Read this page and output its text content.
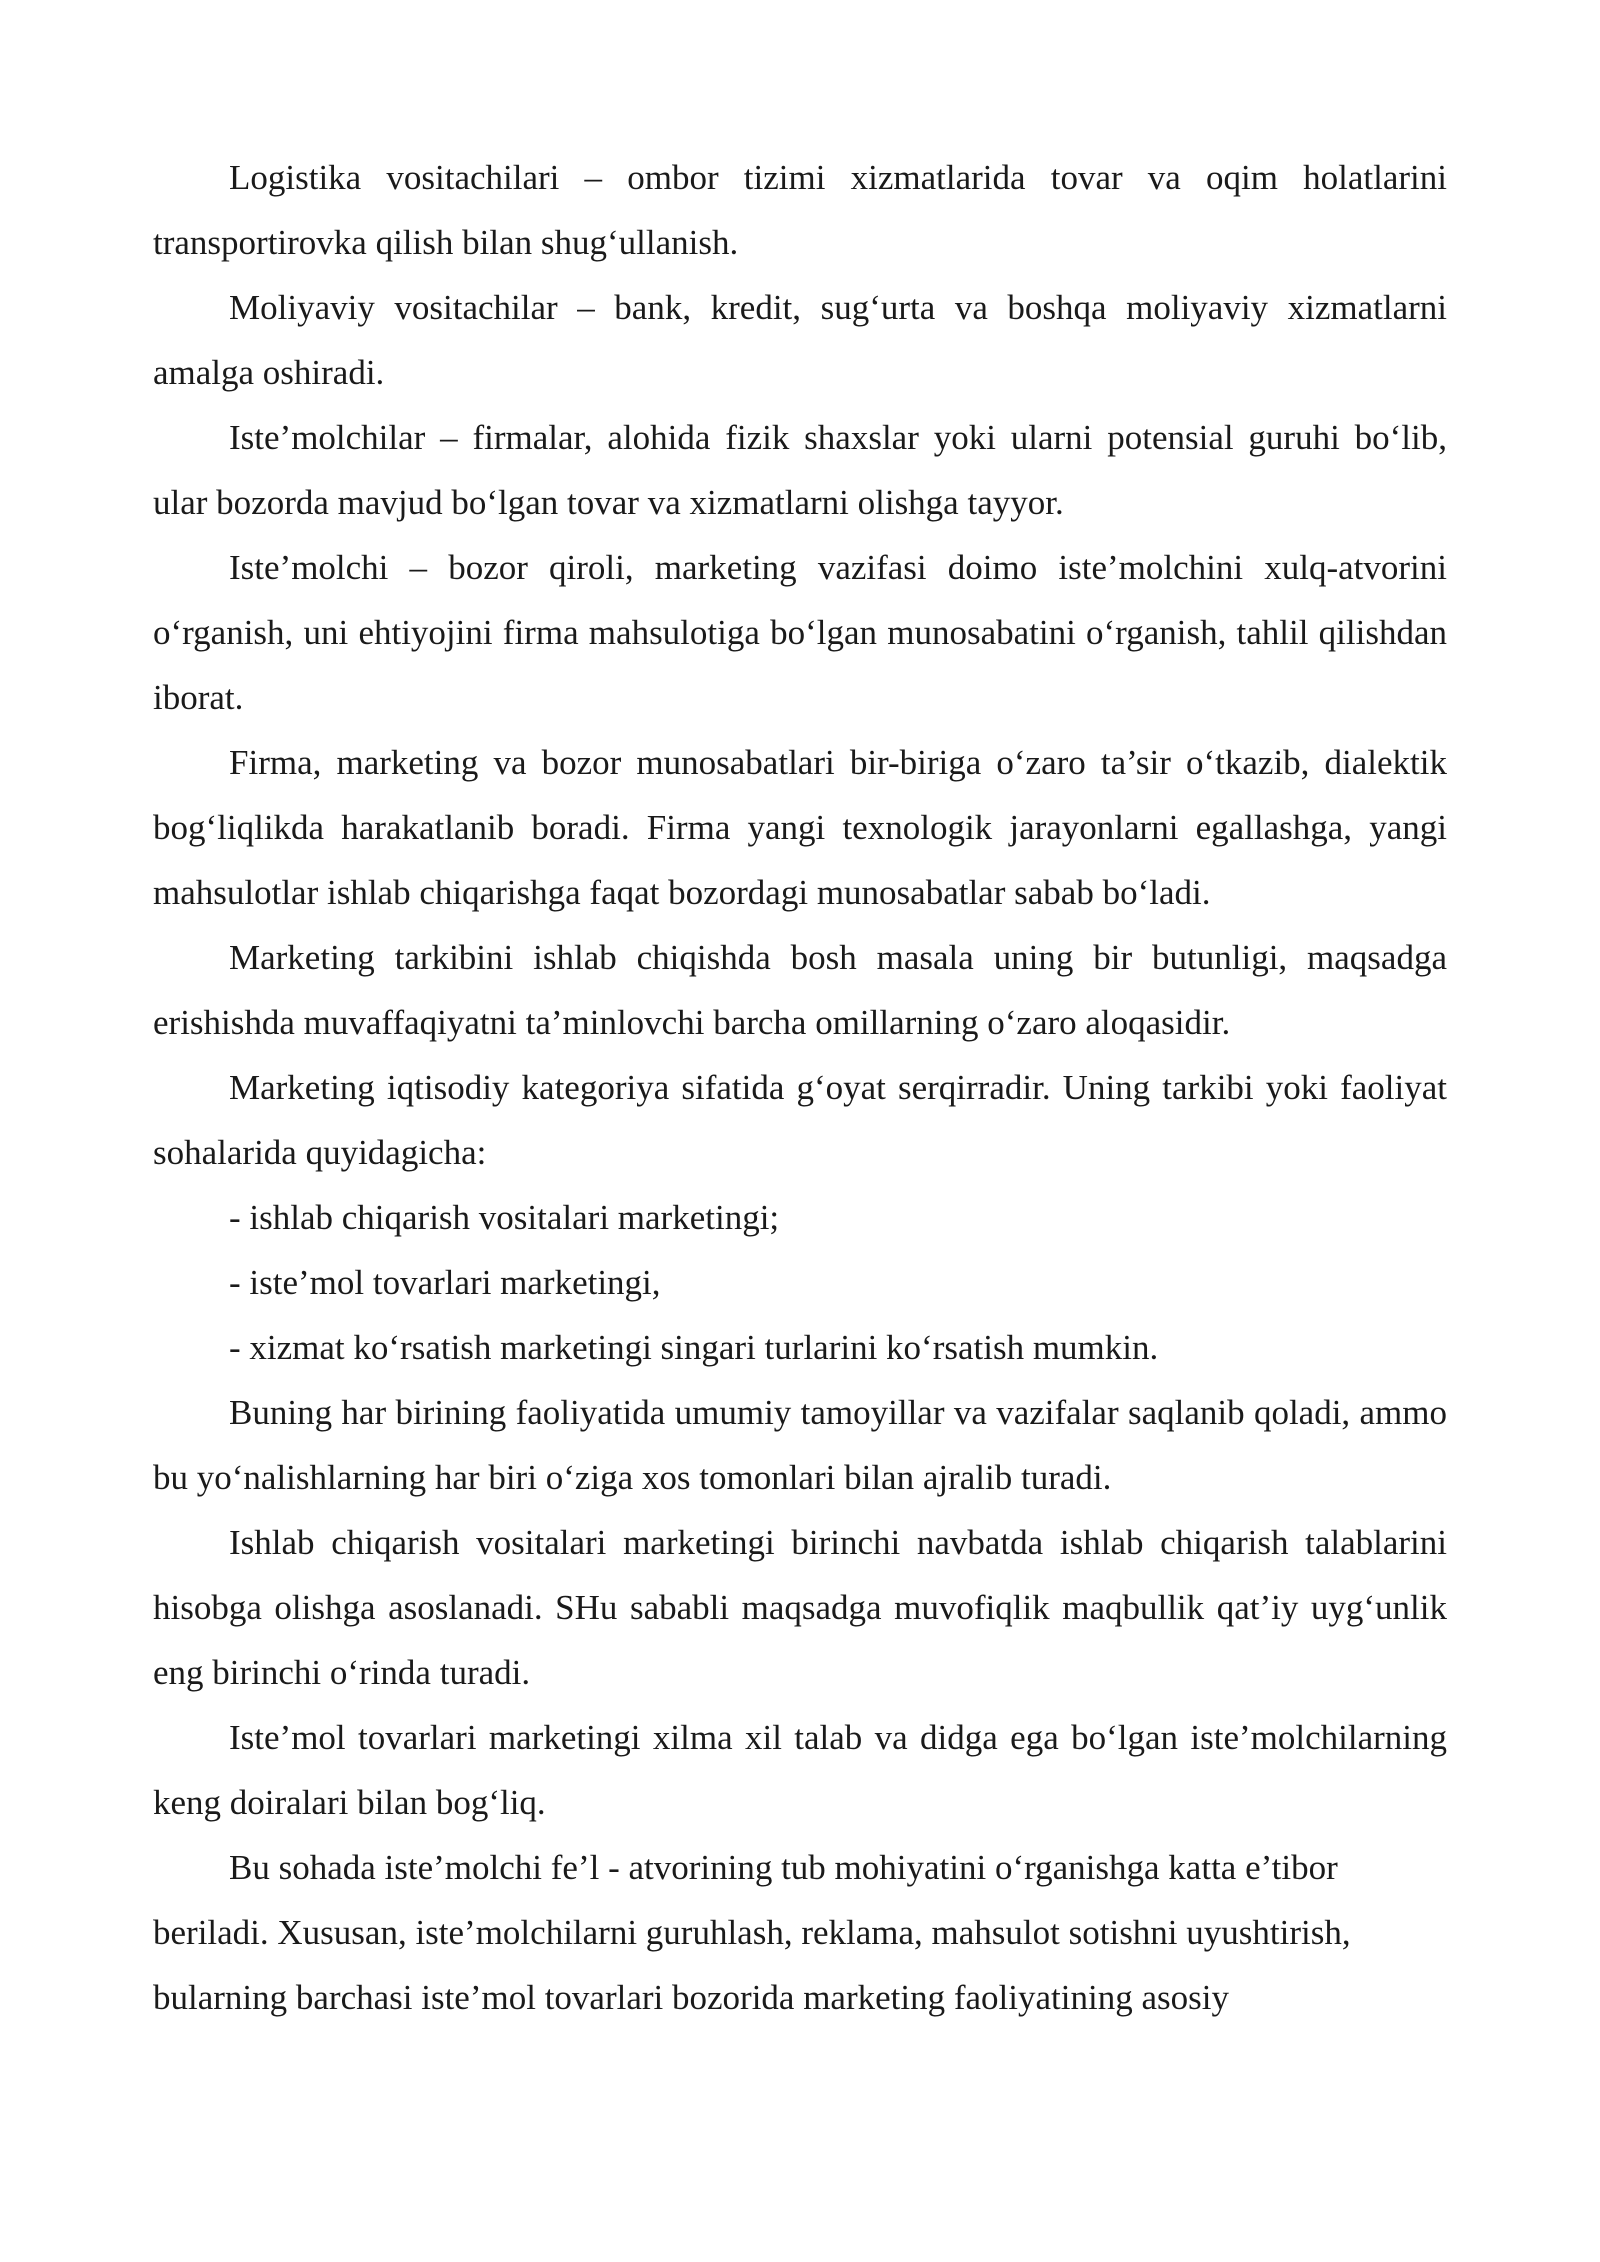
Logistika vositachilari – ombor tizimi xizmatlarida tovar va oqim holatlarini transportirovka qilish bilan shug‘ullanish.

Moliyaviy vositachilar – bank, kredit, sug‘urta va boshqa moliyaviy xizmatlarni amalga oshiradi.

Iste’molchilar – firmalar, alohida fizik shaxslar yoki ularni potensial guruhi bo‘lib, ular bozorda mavjud bo‘lgan tovar va xizmatlarni olishga tayyor.

Iste’molchi – bozor qiroli, marketing vazifasi doimo iste’molchini xulq-atvorini o‘rganish, uni ehtiyojini firma mahsulotiga bo‘lgan munosabatini o‘rganish, tahlil qilishdan iborat.

Firma, marketing va bozor munosabatlari bir-biriga o‘zaro ta’sir o‘tkazib, dialektik bog‘liqlikda harakatlanib boradi. Firma yangi texnologik jarayonlarni egallashga, yangi mahsulotlar ishlab chiqarishga faqat bozordagi munosabatlar sabab bo‘ladi.

Marketing tarkibini ishlab chiqishda bosh masala uning bir butunligi, maqsadga erishishda muvaffaqiyatni ta’minlovchi barcha omillarning o‘zaro aloqasidir.

Marketing iqtisodiy kategoriya sifatida g‘oyat serqirradir. Uning tarkibi yoki faoliyat sohalarida quyidagicha:

- ishlab chiqarish vositalari marketingi;

- iste’mol tovarlari marketingi,

- xizmat ko‘rsatish marketingi singari turlarini ko‘rsatish mumkin.

Buning har birining faoliyatida umumiy tamoyillar va vazifalar saqlanib qoladi, ammo bu yo‘nalishlarning har biri o‘ziga xos tomonlari bilan ajralib turadi.

Ishlab chiqarish vositalari marketingi birinchi navbatda ishlab chiqarish talablarini hisobga olishga asoslanadi. SHu sababli maqsadga muvofiqlik maqbullik qat’iy uyg‘unlik eng birinchi o‘rinda turadi.

Iste’mol tovarlari marketingi xilma xil talab va didga ega bo‘lgan iste’molchilarning keng doiralari bilan bog‘liq.

Bu sohada iste’molchi fe’l - atvorining tub mohiyatini o‘rganishga katta e’tibor beriladi. Xususan, iste’molchilarni guruhlash, reklama, mahsulot sotishni uyushtirish, bularning barchasi iste’mol tovarlari bozorida marketing faoliyatining asosiy
